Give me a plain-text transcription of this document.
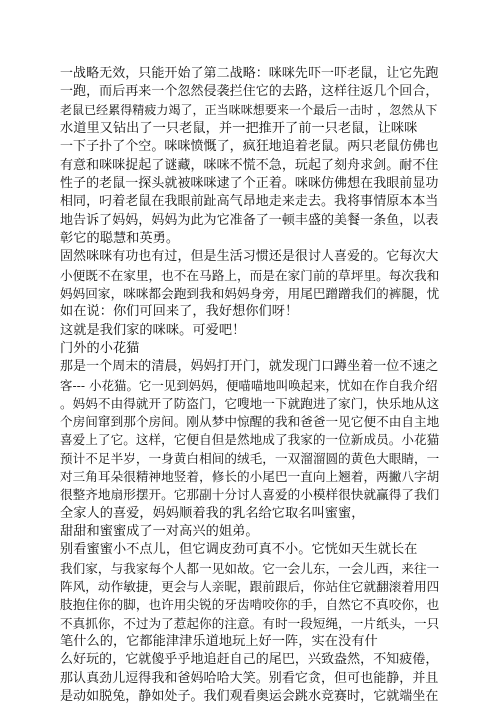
一战略无效，只能开始了第二战略：咪咪先吓一吓老鼠，让它先跑
一跑，而后再来一个忽然侵袭拦住它的去路，这样往返几个回合，
老鼠已经累得精疲力竭了，正当咪咪想要来一个最后一击时 ，忽然从下
水道里又钻出了一只老鼠，并一把推开了前一只老鼠，让咪咪
一下子扑了个空。咪咪愤慨了，疯狂地追着老鼠。两只老鼠仿佛也
有意和咪咪捉起了谜藏，咪咪不慌不急，玩起了刻舟求剑。耐不住
性子的老鼠一探头就被咪咪逮了个正着。咪咪仿佛想在我眼前显功
相同，叼着老鼠在我眼前趾高气昂地走来走去。我将事情原本本当
地告诉了妈妈，妈妈为此为它准备了一顿丰盛的美餐一条鱼，以表
彰它的聪慧和英勇。
固然咪咪有功也有过，但是生活习惯还是很讨人喜爱的。它每次大
小便既不在家里，也不在马路上，而是在家门前的草坪里。每次我和
妈妈回家，咪咪都会跑到我和妈妈身旁，用尾巴蹭蹭我们的裤腿，忧
如在说：你们可回来了，我好想你们呀！
这就是我们家的咪咪。可爱吧！
门外的小花猫
那是一个周末的清晨，妈妈打开门，就发现门口蹲坐着一位不速之
客--- 小花猫。它一见到妈妈，便喵喵地叫唤起来，忧如在作自我介绍
。妈妈不由得就开了防盗门，它嗖地一下就跑进了家门，快乐地从这
个房间窜到那个房间。刚从梦中惊醒的我和爸爸一见它便不由自主地
喜爱上了它。这样，它便自但是然地成了我家的一位新成员。小花猫
预计不足半岁，一身黄白相间的绒毛，一双溜溜圆的黄色大眼睛，一
对三角耳朵很精神地竖着，修长的小尾巴一直向上翘着，两撇八字胡
很整齐地扇形摆开。它那副十分讨人喜爱的小模样很快就赢得了我们
全家人的喜爱，妈妈顺着我的乳名给它取名叫蜜蜜，
甜甜和蜜蜜成了一对高兴的姐弟。
别看蜜蜜小不点儿，但它调皮劲可真不小。它恍如天生就长在
我们家，与我家每个人都一见如故。它一会儿东，一会儿西，来往一
阵风，动作敏捷，更会与人亲昵，跟前跟后，你站住它就翻滚着用四
肢抱住你的脚，也许用尖锐的牙齿啃咬你的手，自然它不真咬你，也
不真抓你，不过为了惹起你的注意。有时一段短绳，一片纸头，一只
笔什么的，它都能津津乐道地玩上好一阵，实在没有什
么好玩的，它就傻乎乎地追赶自己的尾巴，兴致盎然，不知疲倦，
那认真劲儿逗得我和爸妈哈哈大笑。别看它贪，但可也能静，并且
是动如脱兔，静如处子。我们观看奥运会跳水竞赛时，它就端坐在
